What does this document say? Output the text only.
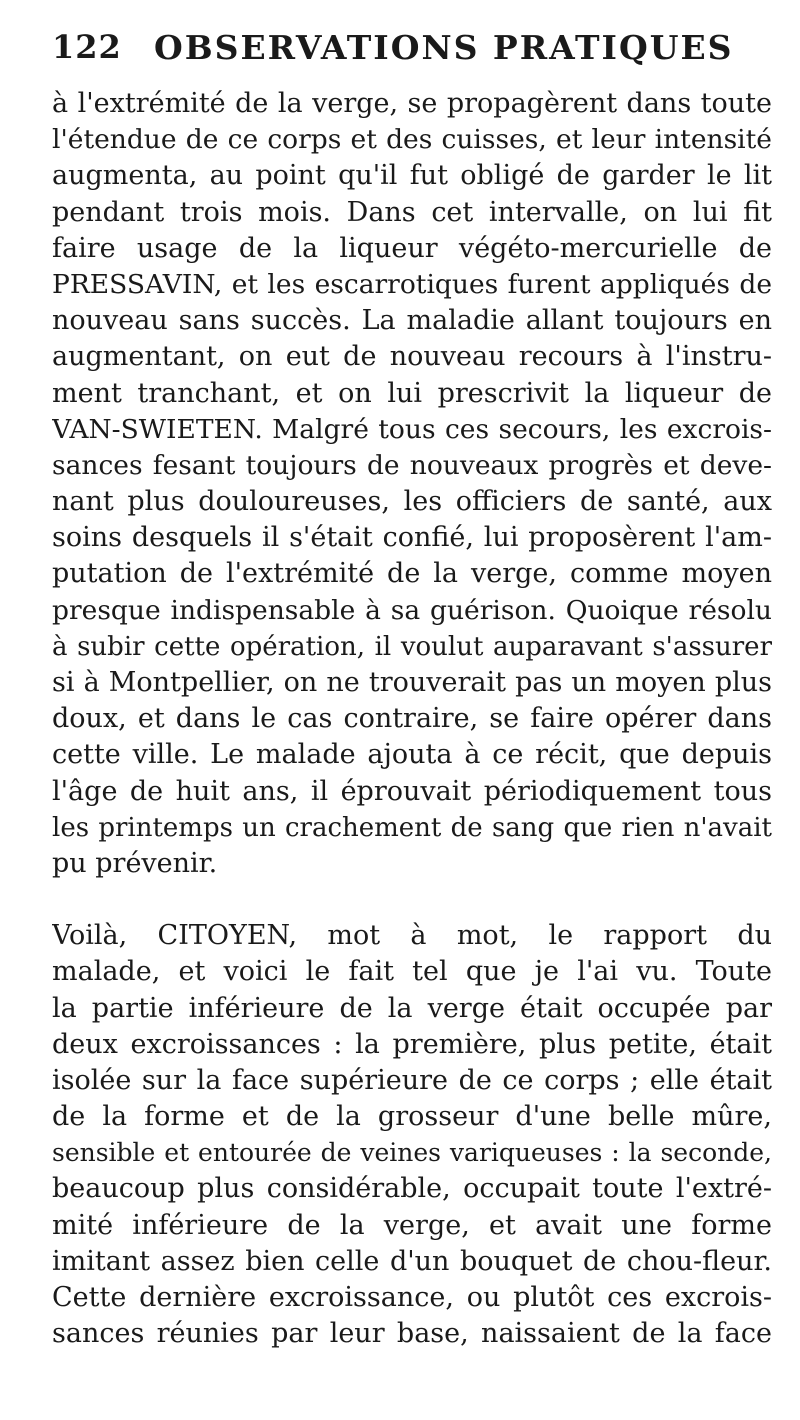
122 OBSERVATIONS PRATIQUES
à l'extrémité de la verge, se propagèrent dans toute
l'étendue de ce corps et des cuisses, et leur intensité
augmenta, au point qu'il fut obligé de garder le lit
pendant trois mois. Dans cet intervalle, on lui fit
faire usage de la liqueur végéto-mercurielle de
PRESSAVIN, et les escarrotiques furent appliqués de
nouveau sans succès. La maladie allant toujours en
augmentant, on eut de nouveau recours à l'instru-
ment tranchant, et on lui prescrivit la liqueur de
VAN-SWIETEN. Malgré tous ces secours, les excrois-
sances fesant toujours de nouveaux progrès et deve-
nant plus douloureuses, les officiers de santé, aux
soins desquels il s'était confié, lui proposèrent l'am-
putation de l'extrémité de la verge, comme moyen
presque indispensable à sa guérison. Quoique résolu
à subir cette opération, il voulut auparavant s'assurer
si à Montpellier, on ne trouverait pas un moyen plus
doux, et dans le cas contraire, se faire opérer dans
cette ville. Le malade ajouta à ce récit, que depuis
l'âge de huit ans, il éprouvait périodiquement tous
les printemps un crachement de sang que rien n'avait
pu prévenir.
Voilà, CITOYEN, mot à mot, le rapport du
malade, et voici le fait tel que je l'ai vu. Toute
la partie inférieure de la verge était occupée par
deux excroissances : la première, plus petite, était
isolée sur la face supérieure de ce corps ; elle était
de la forme et de la grosseur d'une belle mûre,
sensible et entourée de veines variqueuses : la seconde,
beaucoup plus considérable, occupait toute l'extré-
mité inférieure de la verge, et avait une forme
imitant assez bien celle d'un bouquet de chou-fleur.
Cette dernière excroissance, ou plutôt ces excrois-
sances réunies par leur base, naissaient de la face
